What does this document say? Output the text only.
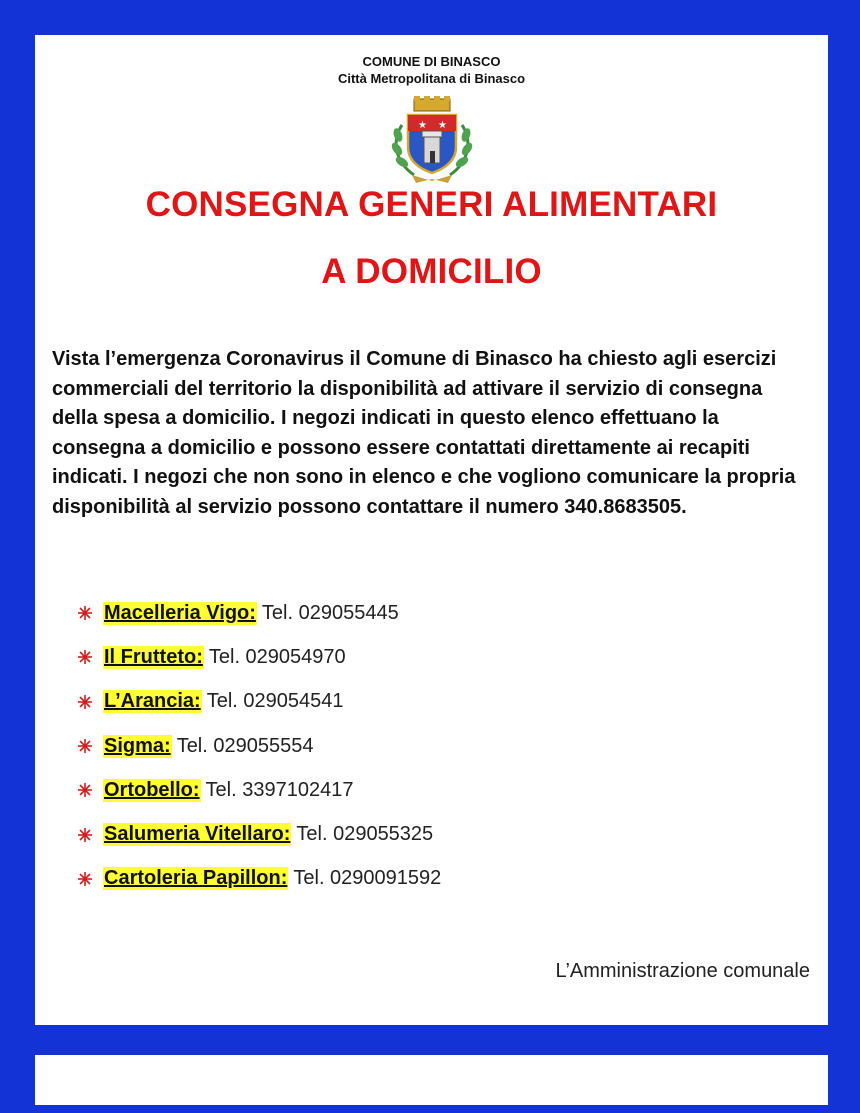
COMUNE DI BINASCO
Città Metropolitana di Binasco
★ ★
CONSEGNA GENERI ALIMENTARI
A DOMICILIO
Vista l’emergenza Coronavirus il Comune di Binasco ha chiesto agli esercizi commerciali del territorio la disponibilità ad attivare il servizio di consegna della spesa a domicilio. I negozi indicati in questo elenco effettuano la consegna a domicilio e possono essere contattati direttamente ai recapiti indicati. I negozi che non sono in elenco e che vogliono comunicare la propria disponibilità al servizio possono contattare il numero 340.8683505.
Macelleria Vigo: Tel. 029055445
Il Frutteto: Tel. 029054970
L’Arancia: Tel. 029054541
Sigma: Tel. 029055554
Ortobello: Tel. 3397102417
Salumeria Vitellaro: Tel. 029055325
Cartoleria Papillon: Tel. 0290091592
L’Amministrazione comunale
